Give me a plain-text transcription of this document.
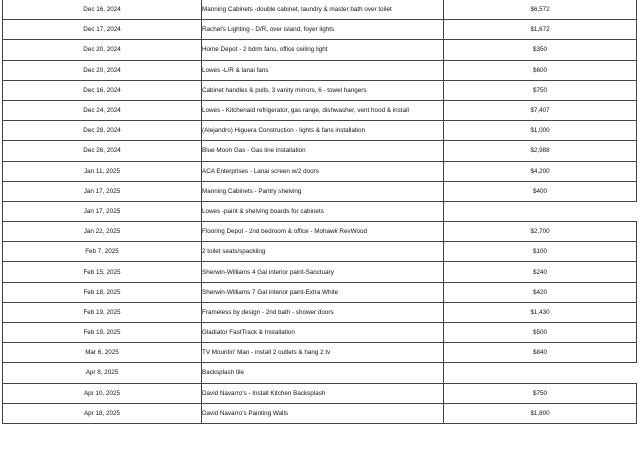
Dec 16, 2024	Manning Cabinets -double cabinet, laundry & master bath over toilet	$6,572
Dec 17, 2024	Rachel's Lighting - D/R, over island, foyer lights	$1,672
Dec 20, 2024	Home Depot - 2 bdrm fans, office ceiling light	$350
Dec 20, 2024	Lowes -L/R & lanai fans	$600
Dec 16, 2024	Cabinet handles & pulls, 3 vanity mirrors, 6 - towel hangers	$750
Dec 24, 2024	Lowes - Kitchenaid refrigerator, gas range, dishwasher, vent hood & install	$7,407
Dec 28, 2024	(Alejandro) Higuera Construction - lights & fans installation	$1,000
Dec 26, 2024	Blue Moon Gas - Gas line installation	$2,988
Jan 11, 2025	ACA Enterprises - Lanai screen w/2 doors	$4,200
Jan 17, 2025	Manning Cabinets - Pantry shelving	$400
Jan 17, 2025	Lowes -paint & shelving boards for cabinets	
Jan 22, 2025	Flooring Depot - 2nd bedroom & office - Mohawk RevWood	$2,700
Feb 7, 2025	2 toilet seats/spackling	$100
Feb 15, 2025	Sherwin-Williams 4 Gal interior paint-Sanctuary	$240
Feb 18, 2025	Sherwin-Williams 7 Gal interior paint-Extra White	$420
Feb 19, 2025	Frameless by design - 2nd bath - shower doors	$1,430
Feb 19, 2025	Gladiator FastTrack & Installation	$500
Mar 6, 2025	TV Mountin' Man - install 2 outlets & hang 2 tv	$840
Apr 8, 2025	Backsplash tile	
Apr 10, 2025	David Navarro's - Install Kitchen Backsplash	$750
Apr 18, 2025	David Navarro's Painting Walls	$1,800
